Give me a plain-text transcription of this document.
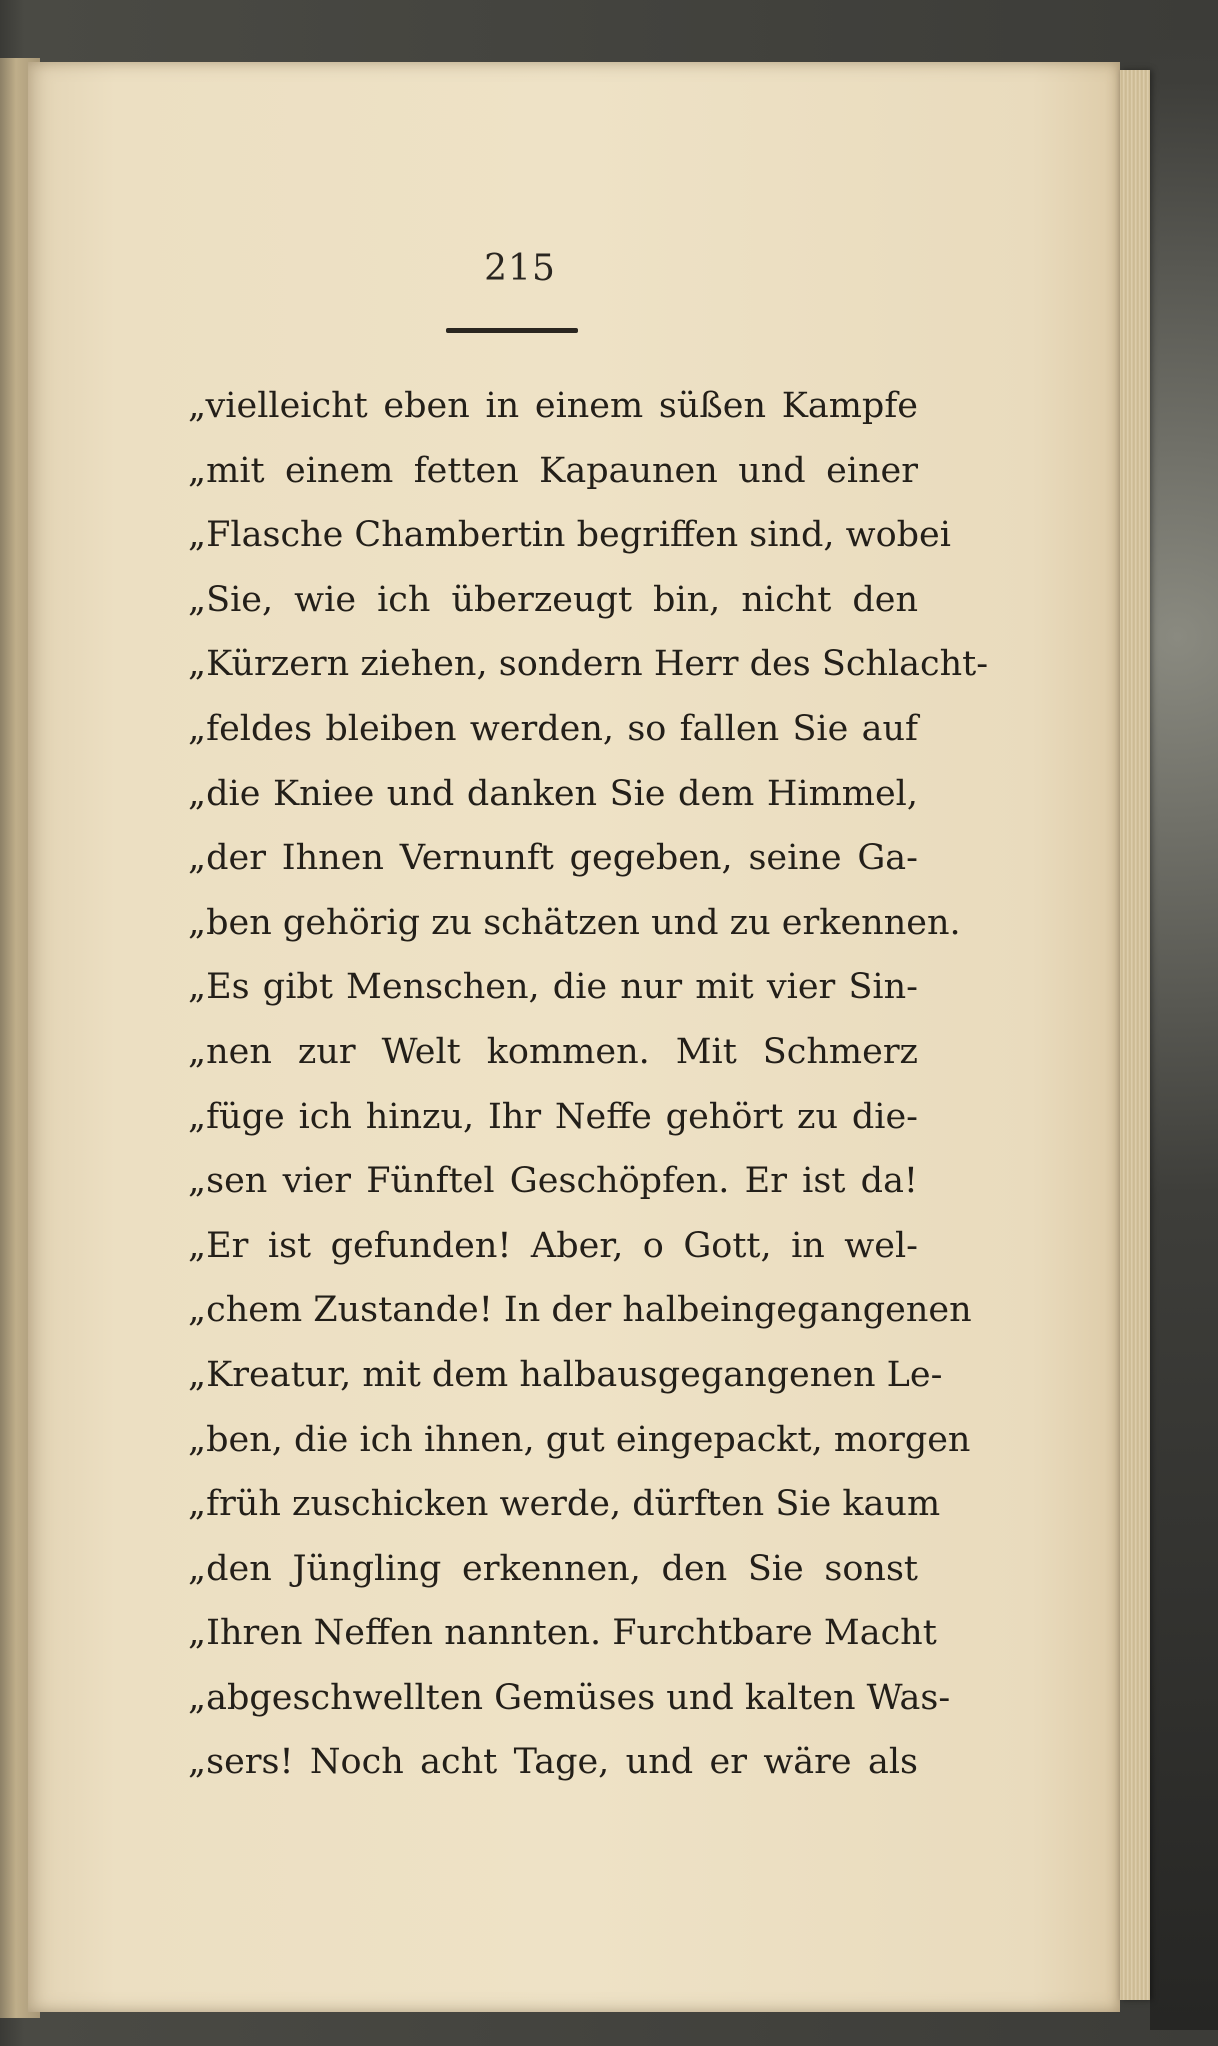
215
„vielleicht eben in einem süßen Kampfe
„mit einem fetten Kapaunen und einer
„Flasche Chambertin begriffen sind, wobei
„Sie, wie ich überzeugt bin, nicht den
„Kürzern ziehen, sondern Herr des Schlacht-
„feldes bleiben werden, so fallen Sie auf
„die Kniee und danken Sie dem Himmel,
„der Ihnen Vernunft gegeben, seine Ga-
„ben gehörig zu schätzen und zu erkennen.
„Es gibt Menschen, die nur mit vier Sin-
„nen zur Welt kommen. Mit Schmerz
„füge ich hinzu, Ihr Neffe gehört zu die-
„sen vier Fünftel Geschöpfen. Er ist da!
„Er ist gefunden! Aber, o Gott, in wel-
„chem Zustande! In der halbeingegangenen
„Kreatur, mit dem halbausgegangenen Le-
„ben, die ich ihnen, gut eingepackt, morgen
„früh zuschicken werde, dürften Sie kaum
„den Jüngling erkennen, den Sie sonst
„Ihren Neffen nannten. Furchtbare Macht
„abgeschwellten Gemüses und kalten Was-
„sers! Noch acht Tage, und er wäre als
